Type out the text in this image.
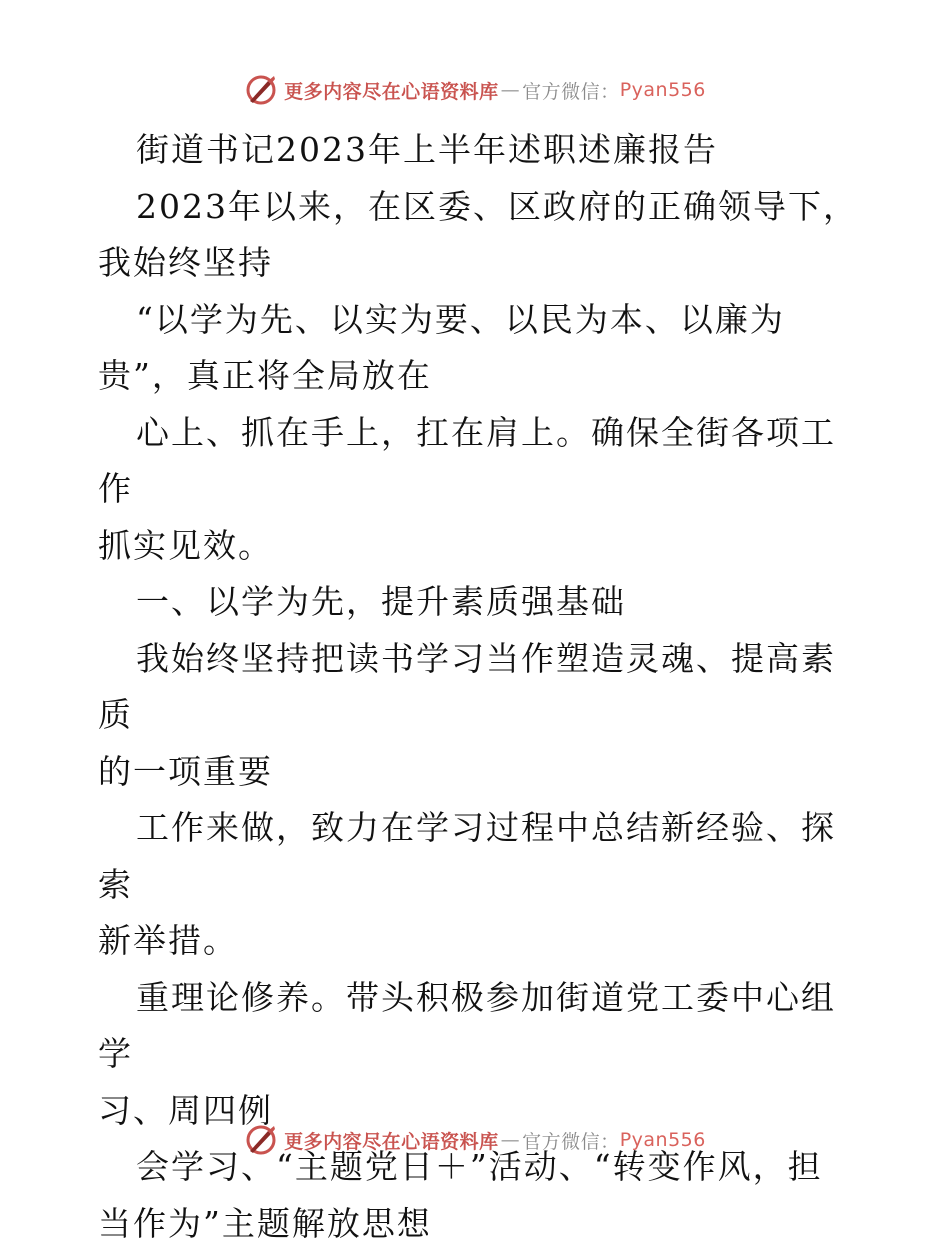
更多内容尽在心语资料库 — 官方微信： Pyan556

街道书记2023年上半年述职述廉报告

2023年以来，在区委、区政府的正确领导下，

我始终坚持

“以学为先、以实为要、以民为本、以廉为

贵”，真正将全局放在

心上、抓在手上，扛在肩上。确保全街各项工作

抓实见效。

一、以学为先，提升素质强基础

我始终坚持把读书学习当作塑造灵魂、提高素质

的一项重要

工作来做，致力在学习过程中总结新经验、探索

新举措。

重理论修养。带头积极参加街道党工委中心组学

习、周四例

会学习、“主题党日＋”活动、“转变作风，担

当作为”主题解放思想

更多内容尽在心语资料库 — 官方微信： Pyan556
